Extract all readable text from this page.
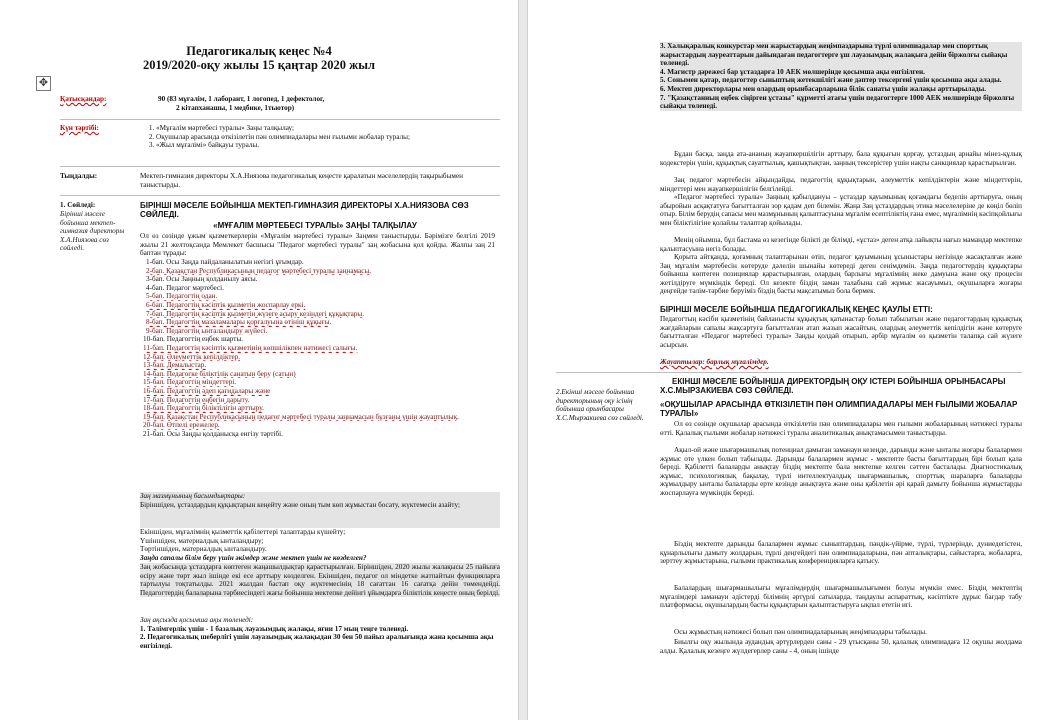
Педагогикалық кеңес №4
2019/2020-оқу жылы 15 қаңтар 2020 жыл
✥
Қатысқандар:	90 (83 мұғалім, 1 лаборант, 1 логопед, 1 дефектолог,
2 кітапханашы, 1 медбике, 1тьютор)
Күн тәртібі:
1.	«Мұғалім мәртебесі туралы» Заңы талқылау;
2. Оқушылар арасында өткізілетін пән олимпиадалары мен ғылыми жобалар туралы;
3. «Жыл мұғалімі» байқауы туралы.
Тыңдалды:	Мектеп-гимназия директоры Х.А.Ниязова педагогикалық кеңесте қаралатын мәселелердің тақырыбымен таныстырды.
1. Сөйледі:
Бірінші мәселе бойынша мектеп-гимназия директоры Х.А.Ниязова сөз сөйледі.
БІРІНШІ МӘСЕЛЕ БОЙЫНША МЕКТЕП-ГИМНАЗИЯ ДИРЕКТОРЫ Х.А.НИЯЗОВА СӨЗ СӨЙЛЕДІ.
«МҰҒАЛІМ МӘРТЕБЕСІ ТУРАЛЫ» ЗАҢЫ ТАЛҚЫЛАУ
Ол өз сөзінде ұжым қызметкерлерін «Мұғалім мәртебесі туралы» Заңмен таныстырды. Бәрімізге белгілі 2019 жылы 21 желтоқсанда Мемлекет басшысы "Педагог мәртебесі туралы" заң жобасына қол қойды. Жалпы заң 21 баптан тұрады:
1-бап. Осы Заңда пайдаланылатын негізгі ұғымдар.
2-бап. Қазақстан Республикасының педагог мәртебесі туралы заңнамасы.
3-бап. Осы Заңның қолданылу аясы.
4-бап. Педагог мәртебесі.
5-бап. Педагогтің одан.
6-бап. Педагогтің кәсіптік қызметін жоспарлау еркі.
7-бап. Педагогтің кәсіптік қызметін жүзеге асыру кезіндегі құқықтары.
8-бап. Педагогтің мазаламалары қорғалуына өтініш құқығы.
9-бап. Педагогтің ынталандыру жүйесі.
10-бап. Педагогтің еңбек шарты.
11-бап. Педагогтің кәсіптік қызметінің көпшілікпен нәтижесі салығы.
12-бап. Әлеуметтік кепілдіктер.
13-бап. Демалыстар.
14-бап. Педагогке біліктілік санатын беру (сатын)
15-бап. Педагогтің міндеттері.
16-бап. Педагогтің әдеп қағидалары және
17-бап. Педагогтің еңбегін дарыту.
18-бап. Педагогтің біліктілігін арттыру.
19-бап. Қазақстан Республикасының педагог мәртебесі туралы заңнамасын бұзғаны үшін жауаптылық.
20-бап. Өтпелі ережелер.
21-бап. Осы Заңды қолданысқа енгізу тәртібі.
Заң мазмұнының басымдықтары:
Біріншіден, ұстаздардың құқықтарын кеңейту және оның тым көп жұмыстан босату, жүктемесін азайту;
Екіншіден, мұғалімнің қызметтік қабілеттері талаптарды күшейту;
Үшіншіден, материалдық ынталандыру;
Төртіншіден, материалдық ынталандыру.
Заңда сапалы білім беру үшін әкімдер және мектеп үшін не көзделген?
Заң жобасында ұстаздарға көптеген жаңашылдықтар қарастырылған. Біріншіден, 2020 жылы жалақысы 25 пайызға өсіру және төрт жыл ішінде екі есе арттыру көзделген. Екіншіден, педагог ол міндетке жатпайтын функцияларға тартылуы тоқтатылды. 2021 жылдан бастап оқу жүктемесінің 18 сағаттан 16 сағатқа дейін төмендейді. Педагогтердің балаларына тәрбиесіндегі жағы бойынша мектепке дейінгі ұйымдарға біліктілік кеңесте оның берілді.
Заң ақсызда қосымша ақы төленеді:
1. Тәлімгерлік үшін - 1 базалық лауазымдық жалақы, яғни 17 мың теңге төленеді.
2. Педагогикалық шеберлігі үшін лауазымдық жалақыдан 30 бен 50 пайыз аралығында жана қосымша ақы енгізіледі.
3. Халықаралық конкурстар мен жарыстардың жеңімпаздарына түрлі олимпиадалар мен спорттық жарыстардың лауреаттарын дайындаған педагогтерге ұш лауазымдық жалақыға дейін біржолғы сыйақы төленеді.
4. Магистр дәрежесі бар ұстаздарға 10 АЕК мөлшерінде қосымша ақы енгізілген.
5. Сонымен қатар, педагогтер сыныптың жетекшілігі және дәптер тексергені үшін қосымша ақы алады.
6. Мектеп директорлары мен олардың орынбасарларына білік санаты үшін жалақы арттырылады.
7. "Қазақстанның еңбек сіңірген ұстазы" құрметті атағы үшін педагогтерге 1000 АЕК мөлшерінде біржолғы сыйақы төленеді.
Бұдан басқа, заңда ата-ананың жауапкершілігін арттыру, бала құқығын қорғау, ұстаздың арнайы мінез-құлық кодекстерін үшін, құқықтық сауаттылық, қашықтықтан, заңның тексерістер үшін нақты санкциялар қарастырылған.
Заң педагог мәртебесін айқындайды, педагогтің құқықтарын, әлеуметтік кепілдіктерін және міндеттерін, міндеттері мен жауапкершілігін белгілейді.
«Педагог мәртебесі туралы» Заңның қабылдануы – ұстаздар қауымының қоғамдағы беделін арттыруға, оның абыройын асқақтатуға бағытталған зор қадам деп білемін. Жаңа Заң ұстаздардың этика мәселелеріне де көңіл бөліп отыр. Білім берудің сапасы мен мазмұнының қалыптасуына мұғалім есептіліктің ғана емес, мұғалімнің кәсіпқойлығы мен біліктілігіне қолайлы талаптар қойылады.
Менің ойымша, бұл бастама өз кезегінде білікті де білімді, «ұстаз» деген атқа лайықты нағыз мамандар мектепке қалыптасуына негіз болады.
Қорыта айтқанда, қоғамның талаптарынан өтіп, педагог қауымының ұсыныстары негізінде жасақталған және Заң мұғалім мәртебесін көтеруде дәлелін шынайы көтереді деген сенімдемін. Заңда педагогтердің құқықтары бойынша көптеген позициялар қарастырылған, олардың барлығы мұғалімнің жеке дамуына және оқу процесін жетілдіруге мүмкіндік береді. Ол кезекте біздің заман талабына сай жұмыс жасауымыз, оқушыларға жоғары деңгейде тәлім-тәрбие беруіміз біздің басты мақсатымыз бола бермек.
БІРІНШІ МӘСЕЛЕ БОЙЫНША ПЕДАГОГИКАЛЫҚ КЕҢЕС ҚАУЛЫ ЕТТІ:
Педагогтың кәсіби қызметінің байланысты құқықтық қатынастар болып табылатын және педагогтардың құқықтық жағдайларын сапалы жақсартуға бағытталған атап жазып жасайтын, олардың әлеуметтік кепілдігін және көтеруге бағытталған «Педагог мәртебесі туралы» Заңды қолдай отырып, әрбір мұғалім өз қызметін талапқа сай жүзеге асырсын.
Жауаптылар: барлық мұғалімдер.
2.Екінші мәселе бойынша директорының оқу ісінің бойынша орынбасары Х.С.Мырзакиева сөз сөйледі.
ЕКІНШІ МӘСЕЛЕ БОЙЫНША ДИРЕКТОРДЫҢ ОҚУ ІСТЕРІ БОЙЫНША ОРЫНБАСАРЫ Х.С.МЫРЗАКИЕВА СӨЗ СӨЙЛЕДІ.
«ОҚУШЫЛАР АРАСЫНДА ӨТКІЗІЛЕТІН ПӘН ОЛИМПИАДАЛАРЫ МЕН ҒЫЛЫМИ ЖОБАЛАР ТУРАЛЫ»
Ол өз сөзінде оқушылар арасында өткізілетін пән олимпиадалары мен ғылыми жобаларының нәтижесі туралы өтті. Қалалық ғылыми жобалар нәтижесі туралы аналитикалық анықтамасымен таныстырды.
Ақыл-ой және шығармашылық потенциал дамыған заманауи кезеңде, дарынды және ынталы жоғары балалармен жұмыс оте үлкен болып табылады. Дарынды балалармен жұмыс - мектепте басты бағыттардың бірі болып қала береді. Қабілетті балаларды анықтау біздің мектепте бала мектепке келген сәттен басталады. Диагностикалық жұмыс, психологиялық бақылау, түрлі интеллектуалдық шығармашылық, спорттық шараларға балаларды жұмылдыру ынталы балаларды ерте кезінде анықтауға және оны қабілетін әрі қарай дамыту бойынша жұмыстарды жоспарлауға мүмкіндік береді.
Біздің мектепте дарынды балалармен жұмыс сыныптардың, пәндік-үйірме, түрлі, түрлерінде, дуниедегістен, құнарлылығы дамыту жолдарын, тұрлі деңгейдегі пән олимпиадаларына, пән апталықтары, сайыстарға, жобаларға, зерттеу жұмыстарына, ғылыми практикалық конференцияларға қатысу.
Балалардың шығармашылығы мұғалімдердің шығармашылығымен болуы мүмкін емес. Біздің мектептің мұғалімдері заманауи әдістерді білімнің әртүрлі сатыларда, таңдаулы аспараттық, кәсіптікте дұрыс бағдар табу платформасы, оқушылардың басты құқықтарын қалыптастыруға ықпал ететін игі.
Осы жұмыстың нәтижесі болып пән олимпиадаларының жеңімпаздары табылады.
Биылғы оқу жылында аудандық әртүрлерден саны - 29 ұтысқаны 50, қалалық олимпиадаға 12 оқушы жолдама алды. Қалалық кезеңге жүлдегерлер саны - 4, оның ішінде
